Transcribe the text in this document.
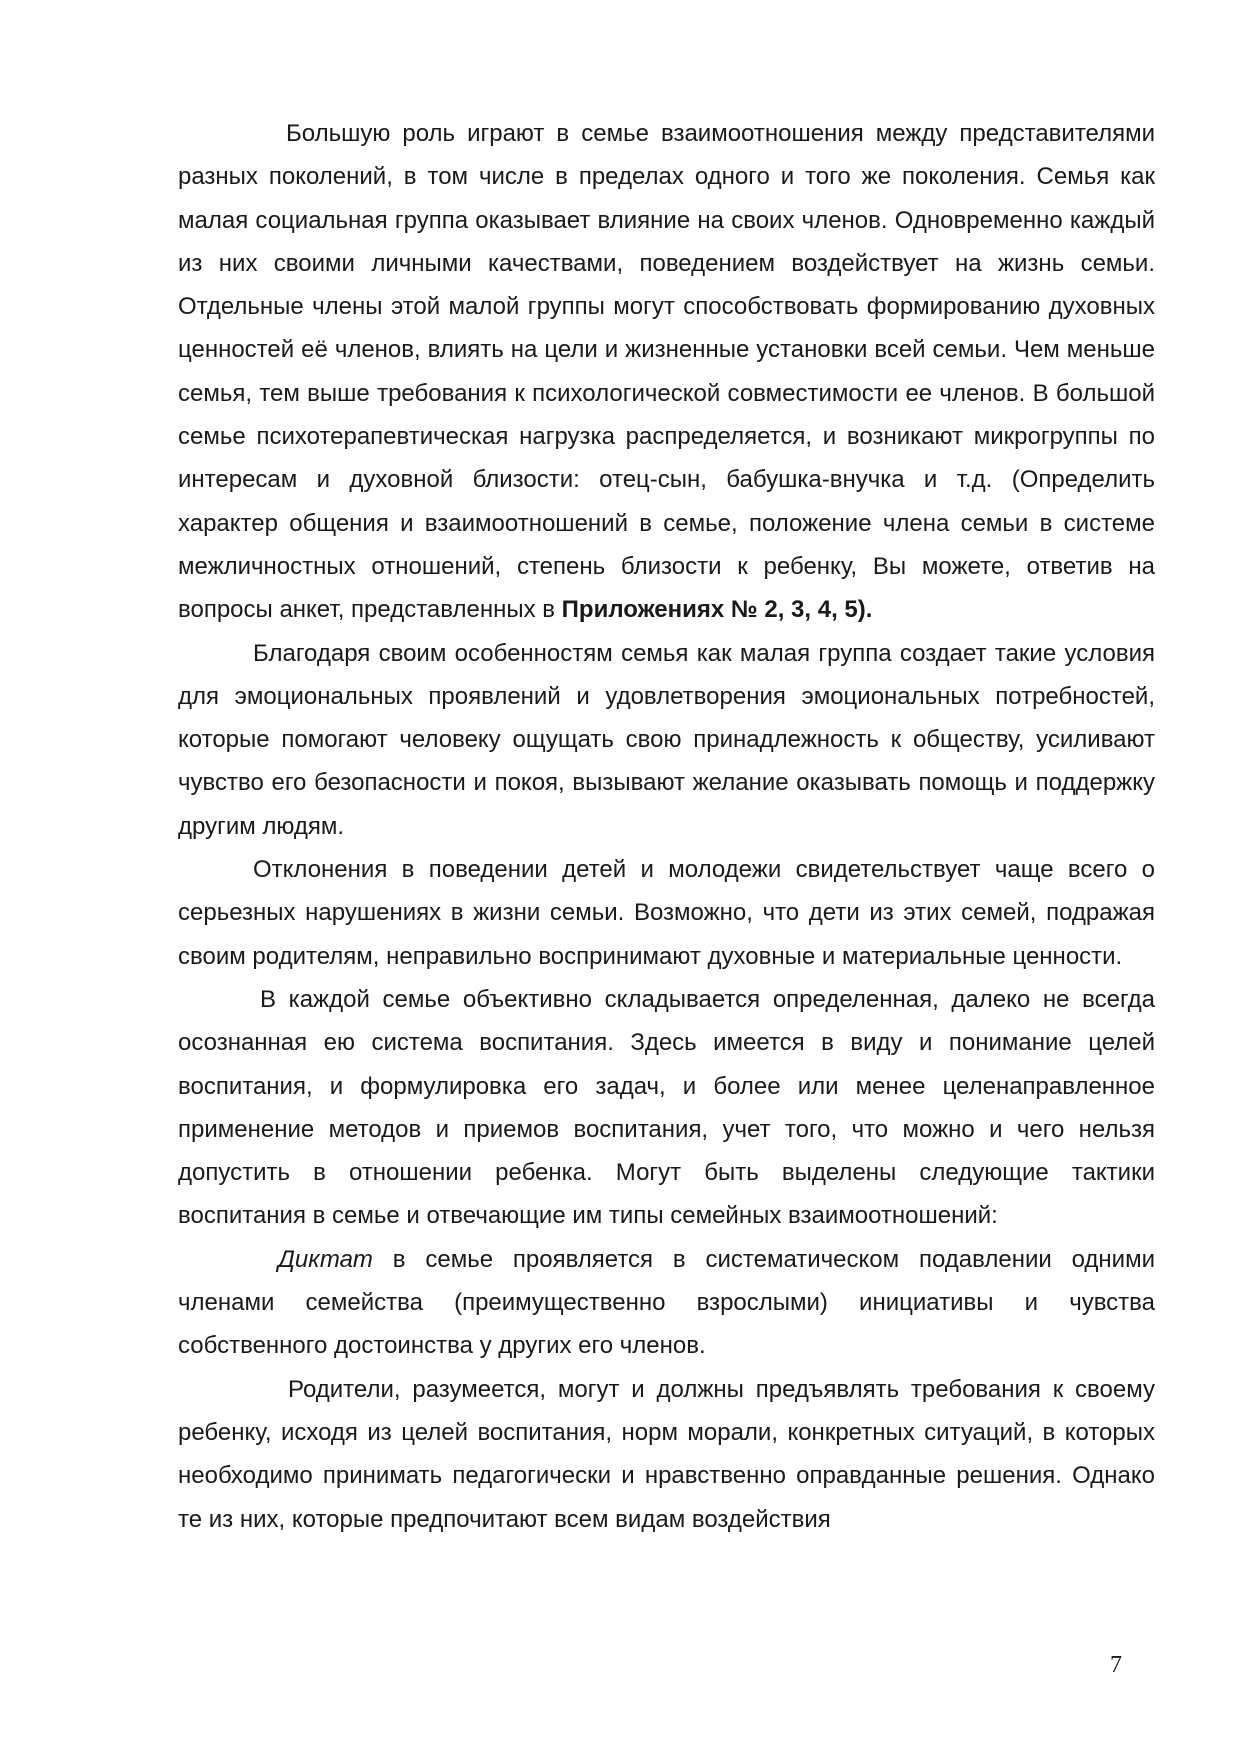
Большую роль играют в семье взаимоотношения между представителями разных поколений, в том числе в пределах одного и того же поколения. Семья как малая социальная группа оказывает влияние на своих членов. Одновременно каждый из них своими личными качествами, поведением воздействует на жизнь семьи. Отдельные члены этой малой группы могут способствовать формированию духовных ценностей её членов, влиять на цели и жизненные установки всей семьи. Чем меньше семья, тем выше требования к психологической совместимости ее членов. В большой семье психотерапевтическая нагрузка распределяется, и возникают микрогруппы по интересам и духовной близости: отец-сын, бабушка-внучка и т.д. (Определить характер общения и взаимоотношений в семье, положение члена семьи в системе межличностных отношений, степень близости к ребенку, Вы можете, ответив на вопросы анкет, представленных в Приложениях № 2, 3, 4, 5).

Благодаря своим особенностям семья как малая группа создает такие условия для эмоциональных проявлений и удовлетворения эмоциональных потребностей, которые помогают человеку ощущать свою принадлежность к обществу, усиливают чувство его безопасности и покоя, вызывают желание оказывать помощь и поддержку другим людям.

Отклонения в поведении детей и молодежи свидетельствует чаще всего о серьезных нарушениях в жизни семьи. Возможно, что дети из этих семей, подражая своим родителям, неправильно воспринимают духовные и материальные ценности.

В каждой семье объективно складывается определенная, далеко не всегда осознанная ею система воспитания. Здесь имеется в виду и понимание целей воспитания, и формулировка его задач, и более или менее целенаправленное применение методов и приемов воспитания, учет того, что можно и чего нельзя допустить в отношении ребенка. Могут быть выделены следующие тактики воспитания в семье и отвечающие им типы семейных взаимоотношений:

Диктат в семье проявляется в систематическом подавлении одними членами семейства (преимущественно взрослыми) инициативы и чувства собственного достоинства у других его членов.

Родители, разумеется, могут и должны предъявлять требования к своему ребенку, исходя из целей воспитания, норм морали, конкретных ситуаций, в которых необходимо принимать педагогически и нравственно оправданные решения. Однако те из них, которые предпочитают всем видам воздействия

7
